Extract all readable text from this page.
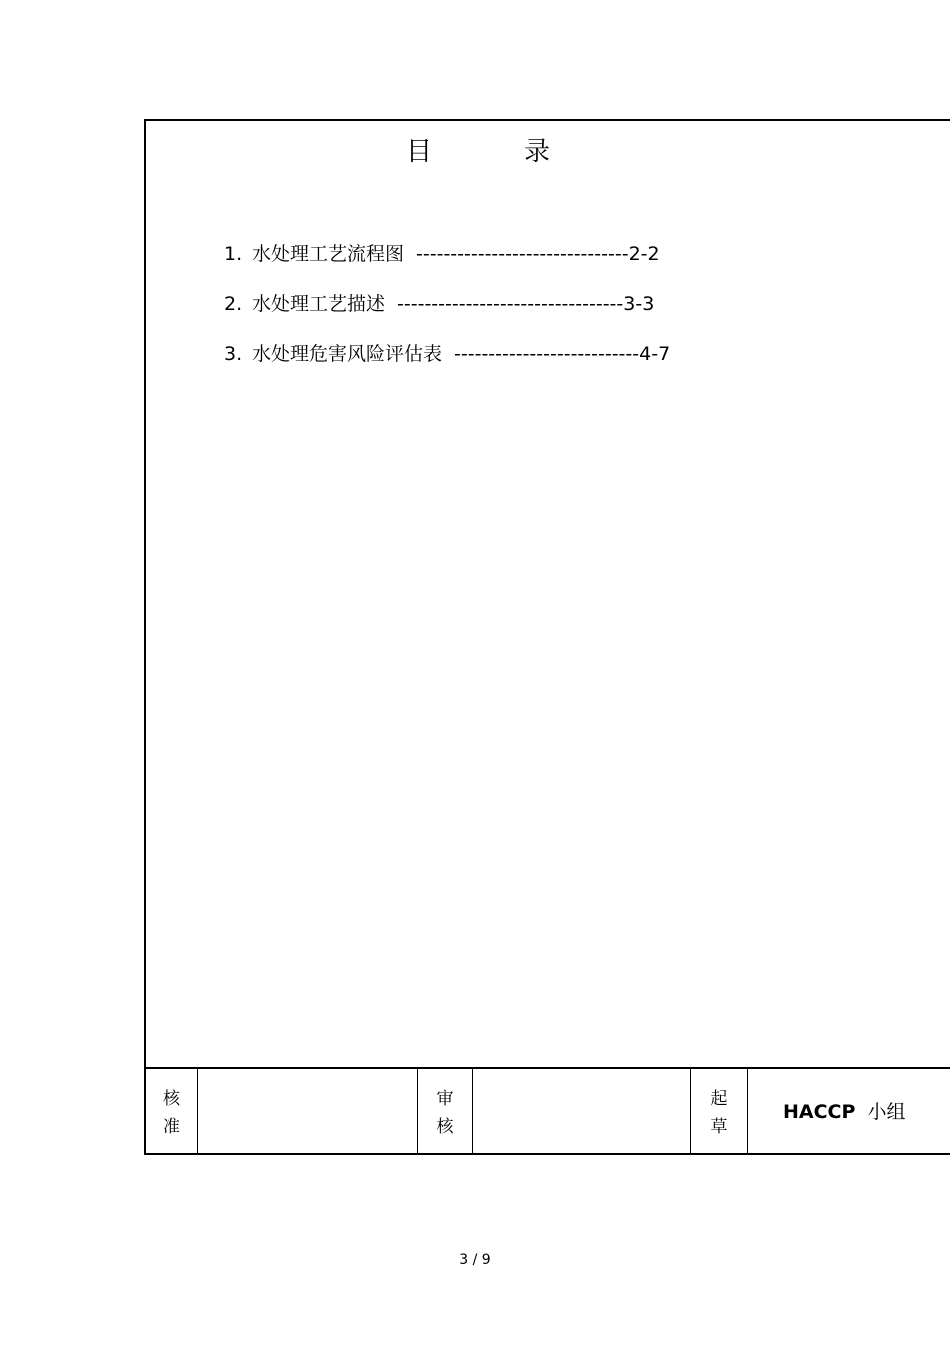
目	录
1. 水处理工艺流程图 -------------------------------2-2
2. 水处理工艺描述 ---------------------------------3-3
3. 水处理危害风险评估表 ---------------------------4-7
核
准
审
核
起
草
HACCP 小组
3 / 9
